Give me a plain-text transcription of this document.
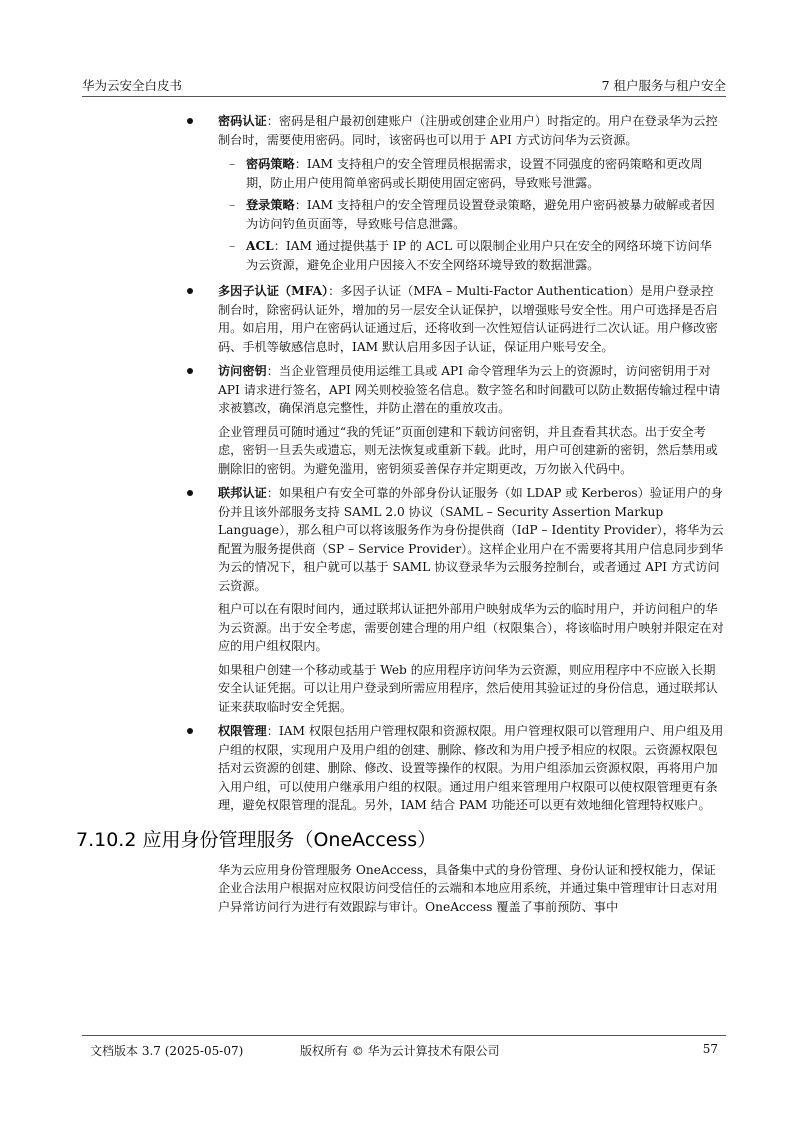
华为云安全白皮书	7 租户服务与租户安全
密码认证：密码是租户最初创建账户（注册或创建企业用户）时指定的。用户在登录华为云控制台时，需要使用密码。同时，该密码也可以用于 API 方式访问华为云资源。
– 密码策略：IAM 支持租户的安全管理员根据需求，设置不同强度的密码策略和更改周期，防止用户使用简单密码或长期使用固定密码，导致账号泄露。
– 登录策略：IAM 支持租户的安全管理员设置登录策略，避免用户密码被暴力破解或者因为访问钓鱼页面等，导致账号信息泄露。
– ACL：IAM 通过提供基于 IP 的 ACL 可以限制企业用户只在安全的网络环境下访问华为云资源，避免企业用户因接入不安全网络环境导致的数据泄露。
多因子认证（MFA）：多因子认证（MFA – Multi-Factor Authentication）是用户登录控制台时，除密码认证外，增加的另一层安全认证保护，以增强账号安全性。用户可选择是否启用。如启用，用户在密码认证通过后，还将收到一次性短信认证码进行二次认证。用户修改密码、手机等敏感信息时，IAM 默认启用多因子认证，保证用户账号安全。
访问密钥：当企业管理员使用运维工具或 API 命令管理华为云上的资源时，访问密钥用于对 API 请求进行签名，API 网关则校验签名信息。数字签名和时间戳可以防止数据传输过程中请求被篡改，确保消息完整性，并防止潜在的重放攻击。
企业管理员可随时通过“我的凭证”页面创建和下载访问密钥，并且查看其状态。出于安全考虑，密钥一旦丢失或遗忘，则无法恢复或重新下载。此时，用户可创建新的密钥，然后禁用或删除旧的密钥。为避免滥用，密钥须妥善保存并定期更改，万勿嵌入代码中。
联邦认证：如果租户有安全可靠的外部身份认证服务（如 LDAP 或 Kerberos）验证用户的身份并且该外部服务支持 SAML 2.0 协议（SAML – Security Assertion Markup Language），那么租户可以将该服务作为身份提供商（IdP – Identity Provider），将华为云配置为服务提供商（SP – Service Provider）。这样企业用户在不需要将其用户信息同步到华为云的情况下，租户就可以基于 SAML 协议登录华为云服务控制台，或者通过 API 方式访问云资源。
租户可以在有限时间内，通过联邦认证把外部用户映射成华为云的临时用户，并访问租户的华为云资源。出于安全考虑，需要创建合理的用户组（权限集合），将该临时用户映射并限定在对应的用户组权限内。
如果租户创建一个移动或基于 Web 的应用程序访问华为云资源，则应用程序中不应嵌入长期安全认证凭据。可以让用户登录到所需应用程序，然后使用其验证过的身份信息，通过联邦认证来获取临时安全凭据。
权限管理：IAM 权限包括用户管理权限和资源权限。用户管理权限可以管理用户、用户组及用户组的权限，实现用户及用户组的创建、删除、修改和为用户授予相应的权限。云资源权限包括对云资源的创建、删除、修改、设置等操作的权限。为用户组添加云资源权限，再将用户加入用户组，可以使用户继承用户组的权限。通过用户组来管理用户权限可以使权限管理更有条理，避免权限管理的混乱。另外，IAM 结合 PAM 功能还可以更有效地细化管理特权账户。
7.10.2 应用身份管理服务（OneAccess）
华为云应用身份管理服务 OneAccess，具备集中式的身份管理、身份认证和授权能力，保证企业合法用户根据对应权限访问受信任的云端和本地应用系统，并通过集中管理审计日志对用户异常访问行为进行有效跟踪与审计。OneAccess 覆盖了事前预防、事中
文档版本 3.7 (2025-05-07)	版权所有 © 华为云计算技术有限公司	57
